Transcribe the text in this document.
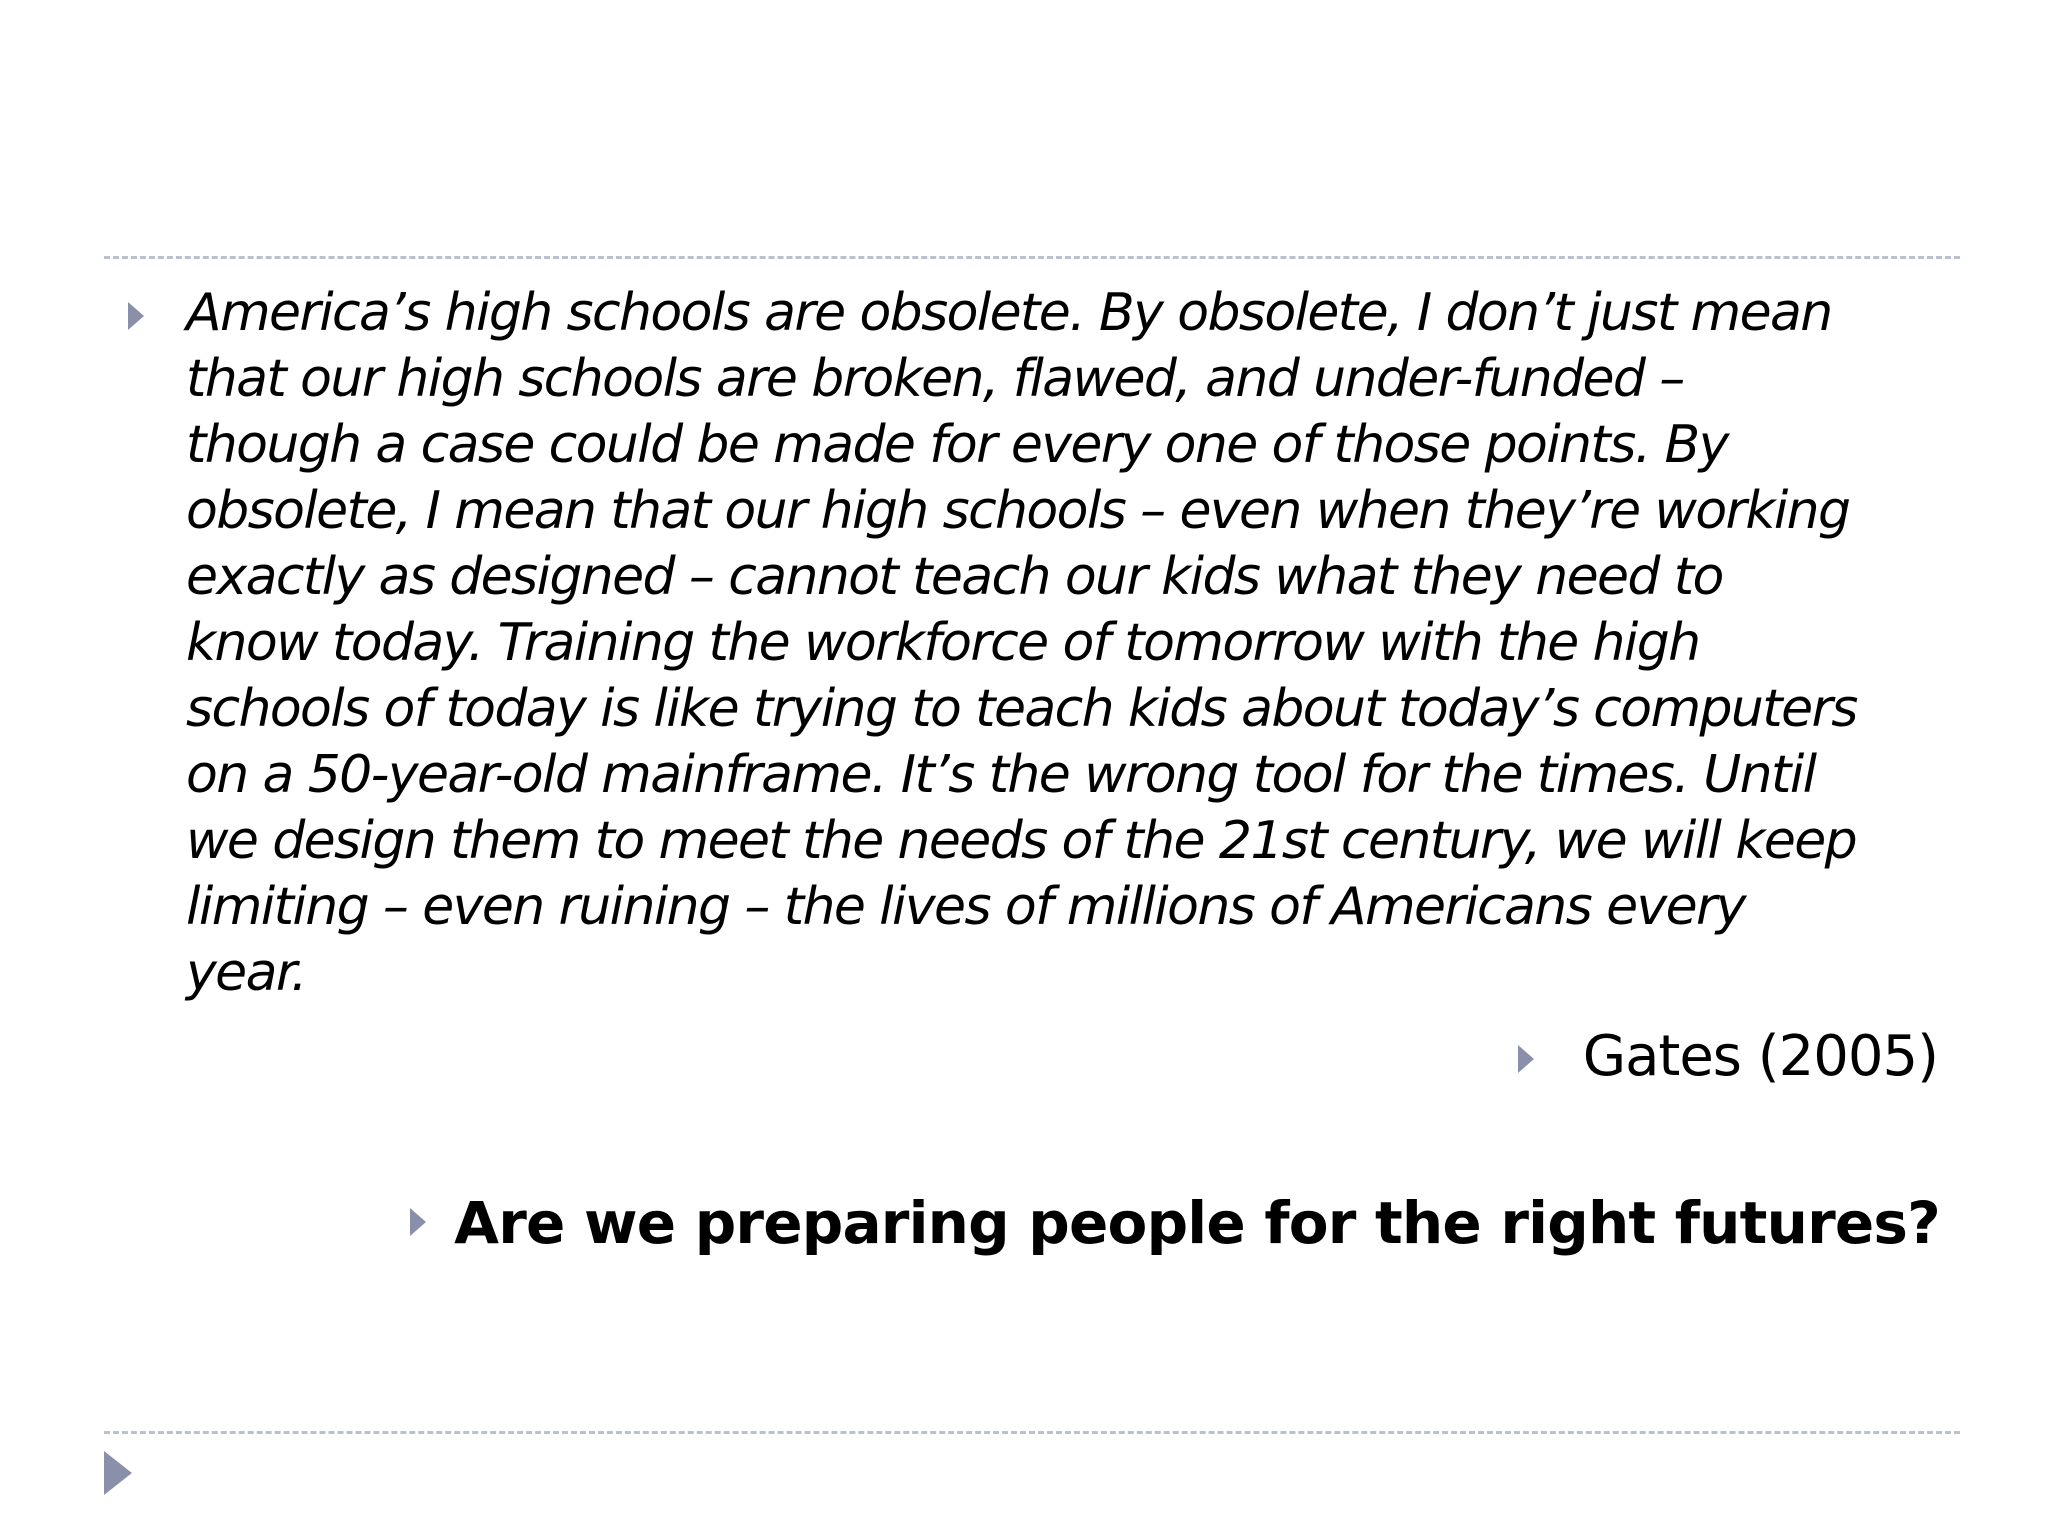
America’s high schools are obsolete. By obsolete, I don’t just mean
that our high schools are broken, flawed, and under-funded –
though a case could be made for every one of those points. By
obsolete, I mean that our high schools – even when they’re working
exactly as designed – cannot teach our kids what they need to
know today. Training the workforce of tomorrow with the high
schools of today is like trying to teach kids about today’s computers
on a 50-year-old mainframe. It’s the wrong tool for the times. Until
we design them to meet the needs of the 21st century, we will keep
limiting – even ruining – the lives of millions of Americans every
year.

Gates (2005)

Are we preparing people for the right futures?
